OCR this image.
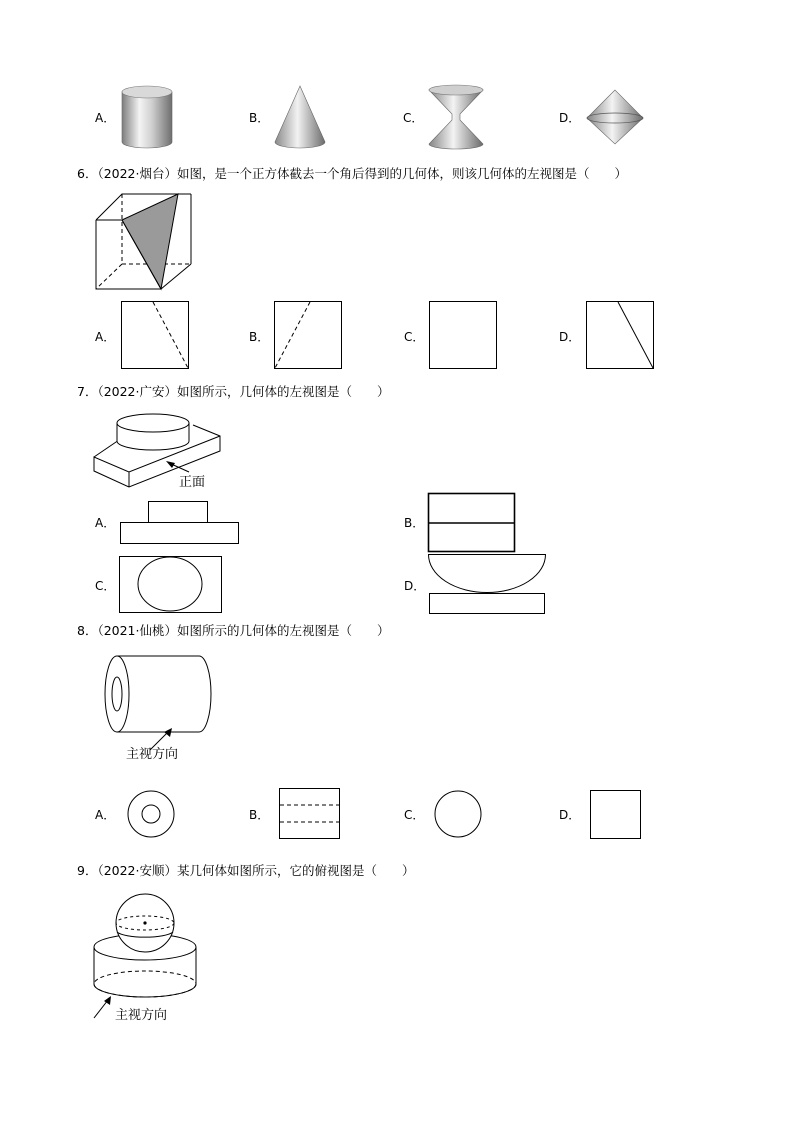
A．	B．	C．	D．
6．（2022·烟台）如图，是一个正方体截去一个角后得到的几何体，则该几何体的左视图是（　　）
A．	B．	C．	D．
7．（2022·广安）如图所示，几何体的左视图是（　　）
正面
A．
C．
B．
D．
8．（2021·仙桃）如图所示的几何体的左视图是（　　）
主视方向
A．	B．	C．	D．
9．（2022·安顺）某几何体如图所示，它的俯视图是（　　）
主视方向
